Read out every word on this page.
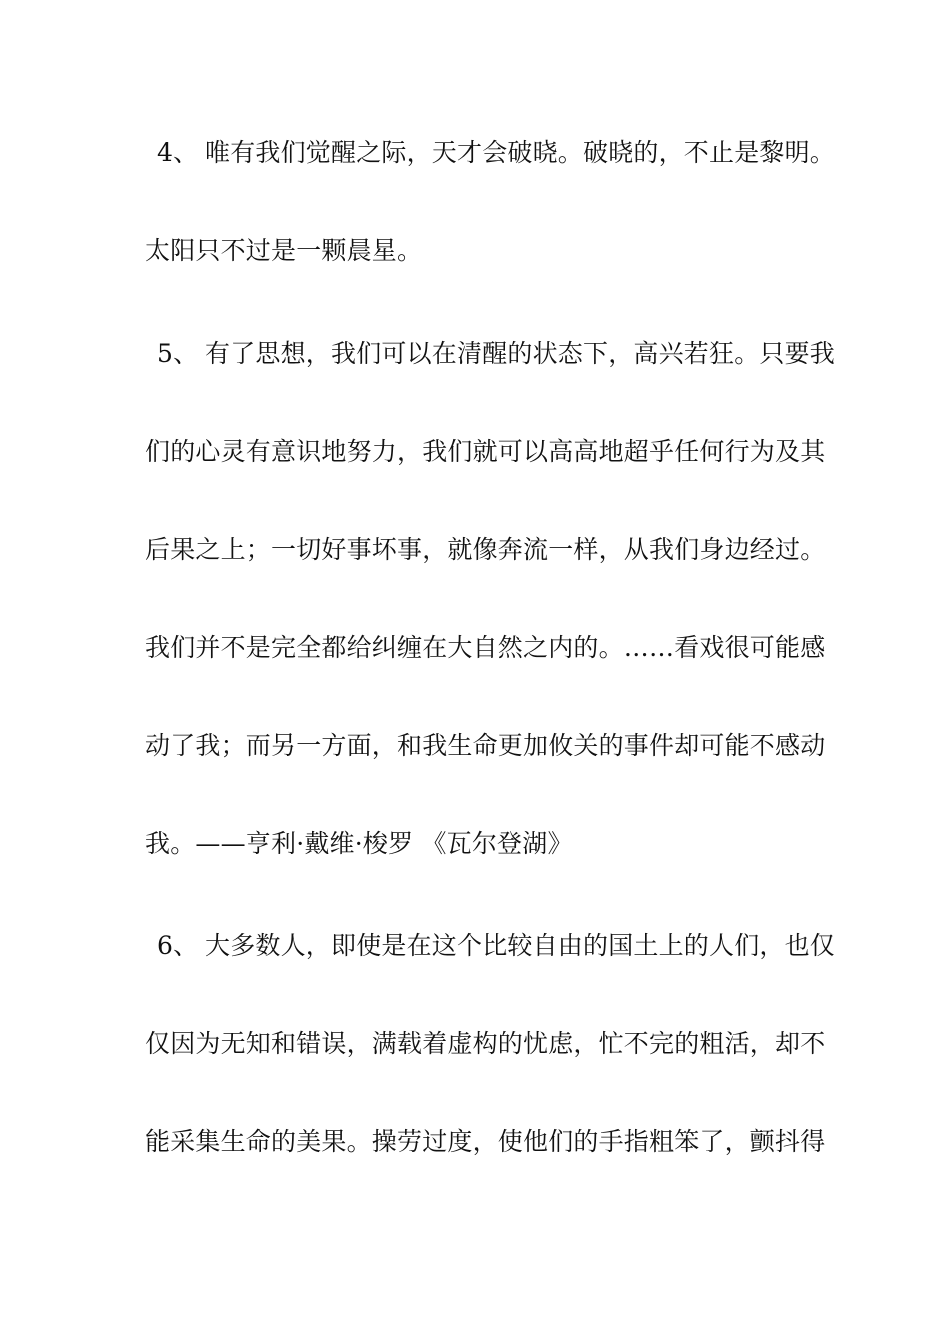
4、 唯有我们觉醒之际，天才会破晓。破晓的，不止是黎明。
太阳只不过是一颗晨星。
5、 有了思想，我们可以在清醒的状态下，高兴若狂。只要我
们的心灵有意识地努力，我们就可以高高地超乎任何行为及其
后果之上；一切好事坏事，就像奔流一样，从我们身边经过。
我们并不是完全都给纠缠在大自然之内的。……看戏很可能感
动了我；而另一方面，和我生命更加攸关的事件却可能不感动
我。——亨利·戴维·梭罗 《瓦尔登湖》
6、 大多数人，即使是在这个比较自由的国土上的人们，也仅
仅因为无知和错误，满载着虚构的忧虑，忙不完的粗活，却不
能采集生命的美果。操劳过度，使他们的手指粗笨了，颤抖得
